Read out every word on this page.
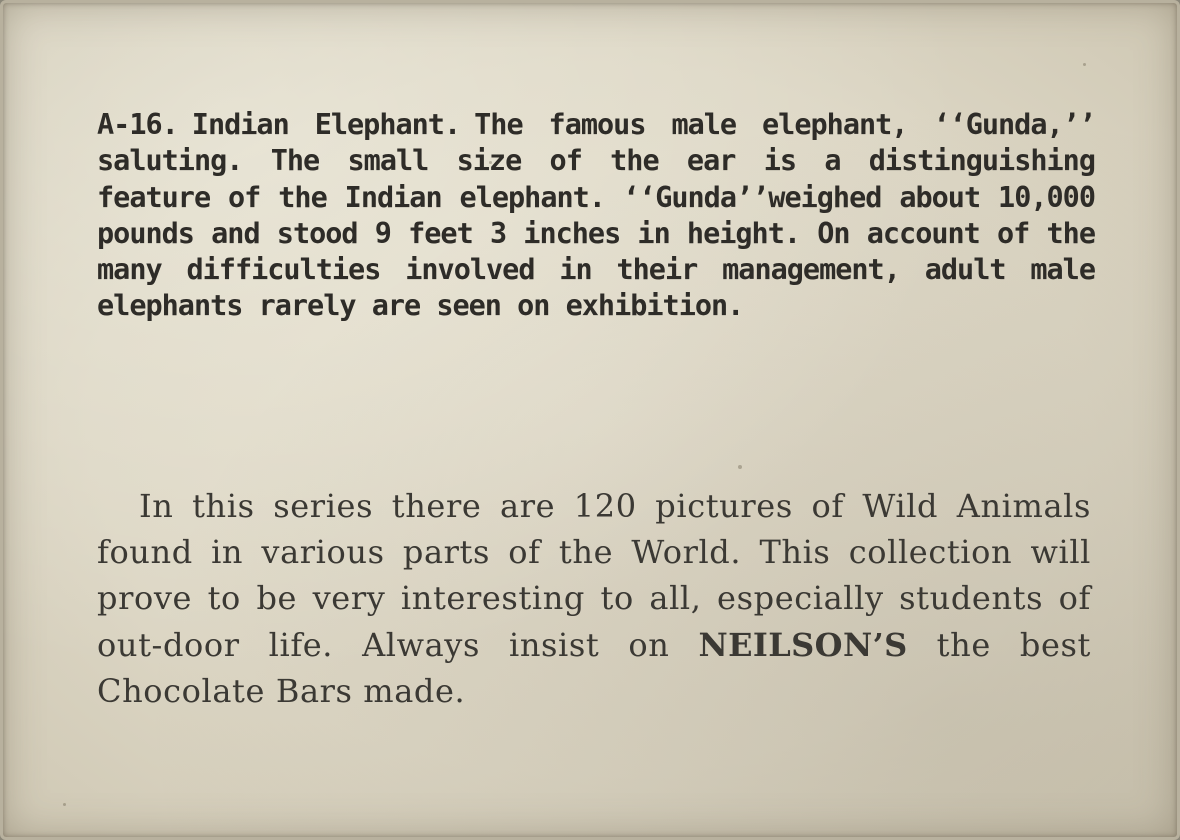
A-16. Indian Elephant. The famous male elephant, ‘‘Gunda,’’ saluting. The small size of the ear is a distinguishing feature of the Indian elephant. ‘‘Gunda’’weighed about 10,000 pounds and stood 9 feet 3 inches in height. On account of the many difficulties involved in their management, adult male elephants rarely are seen on exhibition.

In this series there are 120 pictures of Wild Animals found in various parts of the World. This collection will prove to be very interesting to all, especially students of out-door life. Always insist on NEILSON’S the best Chocolate Bars made.
